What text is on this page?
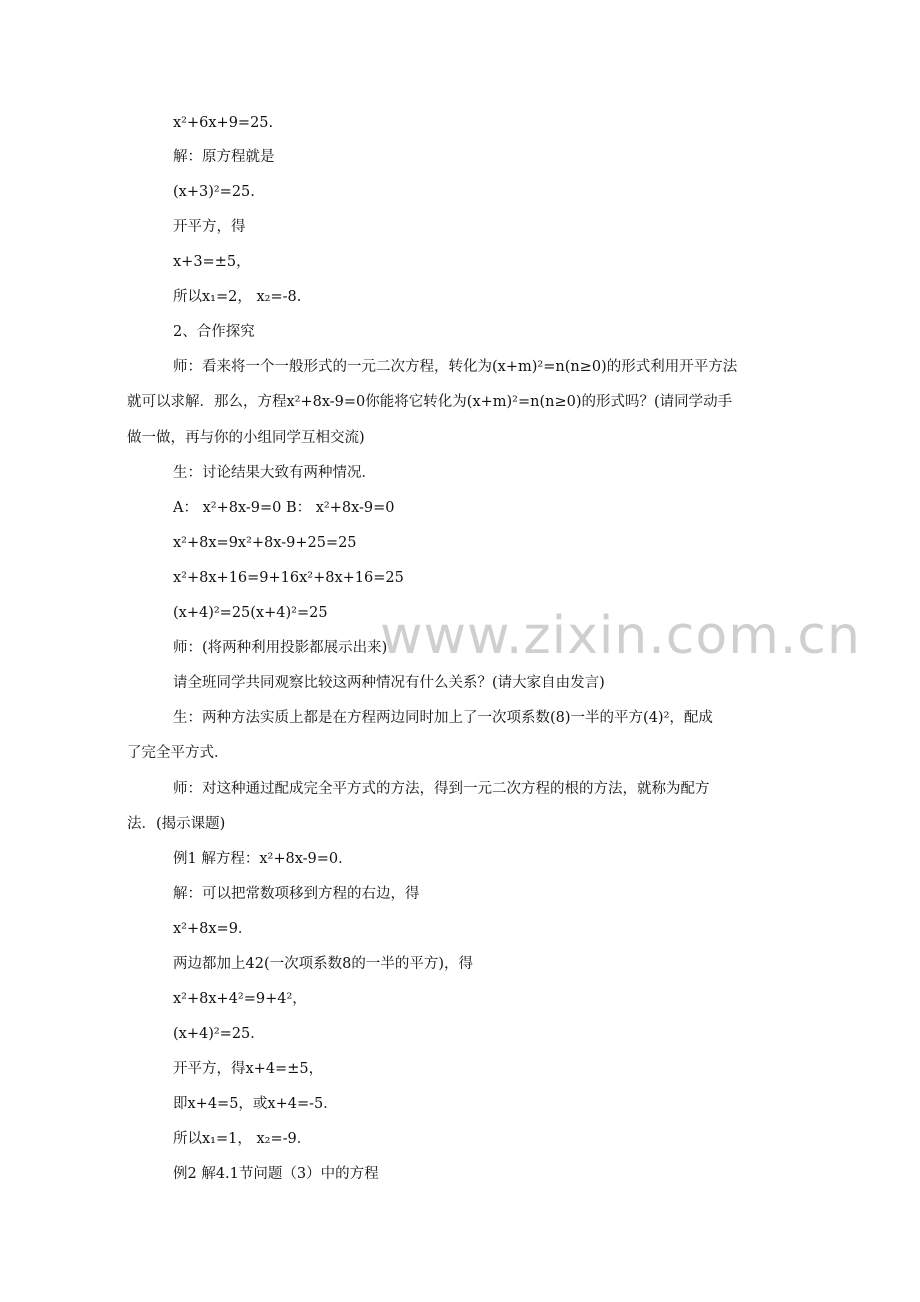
www.zixin.com.cn
x²+6x+9=25.
解：原方程就是
(x+3)²=25.
开平方，得
x+3=±5，
所以x₁=2， x₂=-8.
2、合作探究
师：看来将一个一般形式的一元二次方程，转化为(x+m)²=n(n≥0)的形式利用开平方法
就可以求解．那么，方程x²+8x-9=0你能将它转化为(x+m)²=n(n≥0)的形式吗？(请同学动手
做一做，再与你的小组同学互相交流)
生：讨论结果大致有两种情况．
A： x²+8x-9=0 B： x²+8x-9=0
x²+8x=9x²+8x-9+25=25
x²+8x+16=9+16x²+8x+16=25
(x+4)²=25(x+4)²=25
师：(将两种利用投影都展示出来)
请全班同学共同观察比较这两种情况有什么关系？(请大家自由发言)
生：两种方法实质上都是在方程两边同时加上了一次项系数(8)一半的平方(4)²，配成
了完全平方式．
师：对这种通过配成完全平方式的方法，得到一元二次方程的根的方法，就称为配方
法．(揭示课题)
例1 解方程：x²+8x-9=0．
解：可以把常数项移到方程的右边，得
x²+8x=9．
两边都加上42(一次项系数8的一半的平方)，得
x²+8x+4²=9+4²，
(x+4)²=25．
开平方，得x+4=±5，
即x+4=5，或x+4=-5．
所以x₁=1， x₂=-9．
例2 解4.1节问题（3）中的方程
